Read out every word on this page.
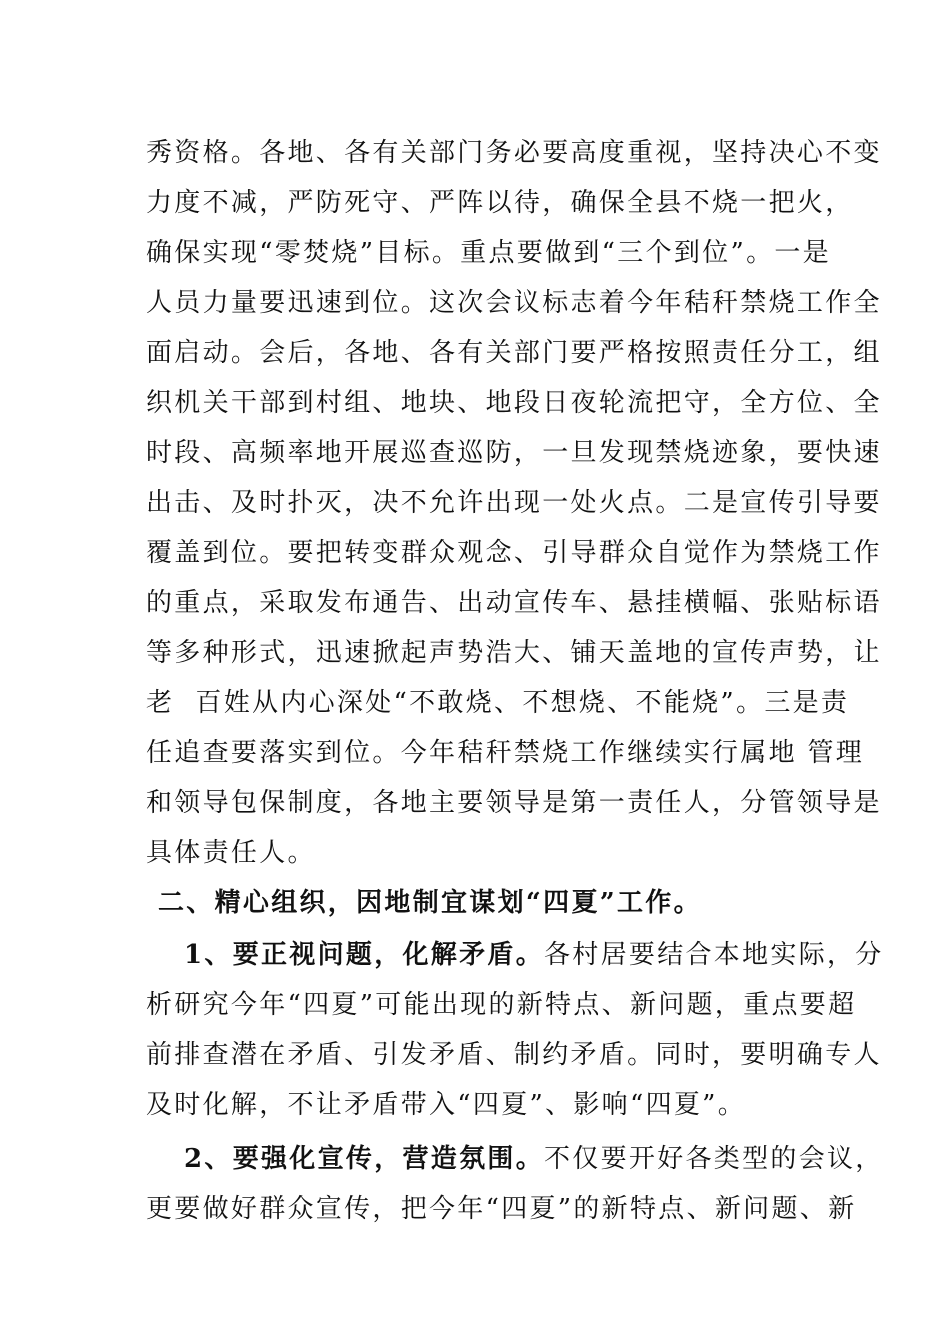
秀资格。各地、各有关部门务必要高度重视，坚持决心不变
力度不减，严防死守、严阵以待，确保全县不烧一把火，
确保实现“零焚烧”目标。重点要做到“三个到位”。一是
人员力量要迅速到位。这次会议标志着今年秸秆禁烧工作全
面启动。会后，各地、各有关部门要严格按照责任分工，组
织机关干部到村组、地块、地段日夜轮流把守，全方位、全
时段、高频率地开展巡查巡防，一旦发现禁烧迹象，要快速
出击、及时扑灭，决不允许出现一处火点。二是宣传引导要
覆盖到位。要把转变群众观念、引导群众自觉作为禁烧工作
的重点，采取发布通告、出动宣传车、悬挂横幅、张贴标语
等多种形式，迅速掀起声势浩大、铺天盖地的宣传声势，让
老  百姓从内心深处“不敢烧、不想烧、不能烧”。三是责
任追查要落实到位。今年秸秆禁烧工作继续实行属地 管理
和领导包保制度，各地主要领导是第一责任人，分管领导是
具体责任人。
二、精心组织，因地制宜谋划“四夏”工作。
1、要正视问题，化解矛盾。各村居要结合本地实际，分
析研究今年“四夏”可能出现的新特点、新问题，重点要超
前排查潜在矛盾、引发矛盾、制约矛盾。同时，要明确专人
及时化解，不让矛盾带入“四夏”、影响“四夏”。
2、要强化宣传，营造氛围。不仅要开好各类型的会议，
更要做好群众宣传，把今年“四夏”的新特点、新问题、新
